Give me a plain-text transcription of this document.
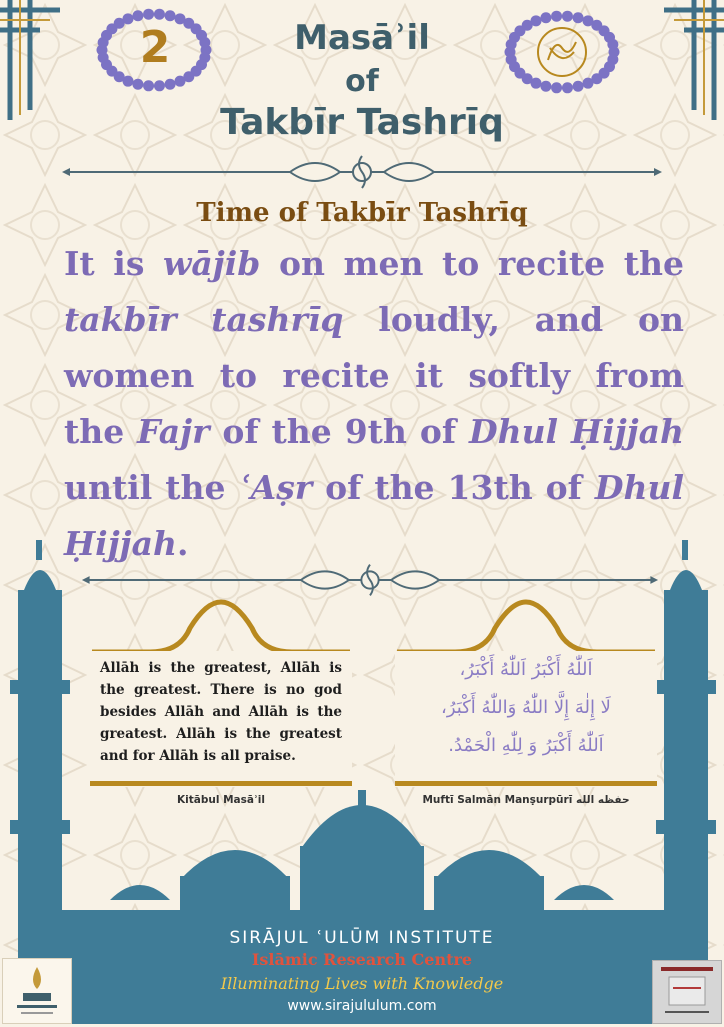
2	Masāʾil
of
Takbīr Tashrīq
Time of Takbīr Tashrīq
It is wājib on men to recite the takbīr tashrīq loudly, and on women to recite it softly from the Fajr of the 9th of Dhul Ḥijjah until the ʿAṣr of the 13th of Dhul Ḥijjah.
Allāh is the greatest, Allāh is the greatest. There is no god besides Allāh and Allāh is the greatest. Allāh is the greatest and for Allāh is all praise.
Kitābul Masāʾil
اَللّٰهُ أَكْبَرُ اَللّٰهُ أَكْبَرُ،
لَا إِلٰهَ إِلَّا اللّٰهُ وَاللّٰهُ أَكْبَرُ،
اَللّٰهُ أَكْبَرُ وَ لِلّٰهِ الْحَمْدُ.
Muftī Salmān Manṣurpūrī حفظه الله
SIRĀJUL ʿULŪM INSTITUTE
Islāmic Research Centre
Illuminating Lives with Knowledge
www.sirajululum.com
